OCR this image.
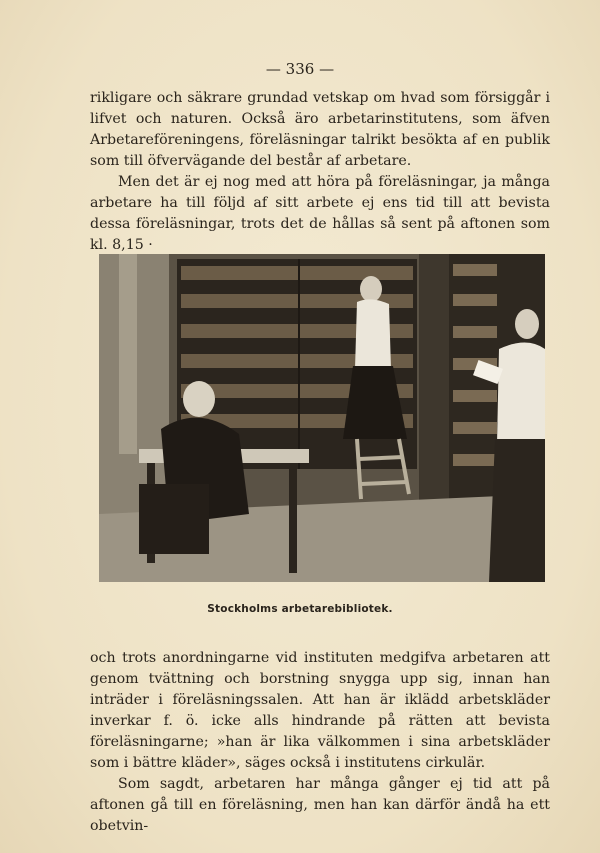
— 336 —

rikligare och säkrare grundad vetskap om hvad som försiggår i lifvet och naturen. Också äro arbetarinstitutens, som äfven Arbetareföreningens, föreläsningar talrikt besökta af en publik som till öfvervägande del består af arbetare.

Men det är ej nog med att höra på föreläsningar, ja många arbetare ha till följd af sitt arbete ej ens tid till att bevista dessa föreläsningar, trots det de hållas så sent på aftonen som kl. 8,15 ·

Stockholms arbetarebibliotek.

och trots anordningarne vid instituten medgifva arbetaren att genom tvättning och borstning snygga upp sig, innan han inträder i föreläsningssalen. Att han är iklädd arbetskläder inverkar f. ö. icke alls hindrande på rätten att bevista föreläsningarne; »han är lika välkommen i sina arbetskläder som i bättre kläder», säges också i institutens cirkulär.

Som sagdt, arbetaren har många gånger ej tid att på aftonen gå till en föreläsning, men han kan därför ändå ha ett obetvin-
